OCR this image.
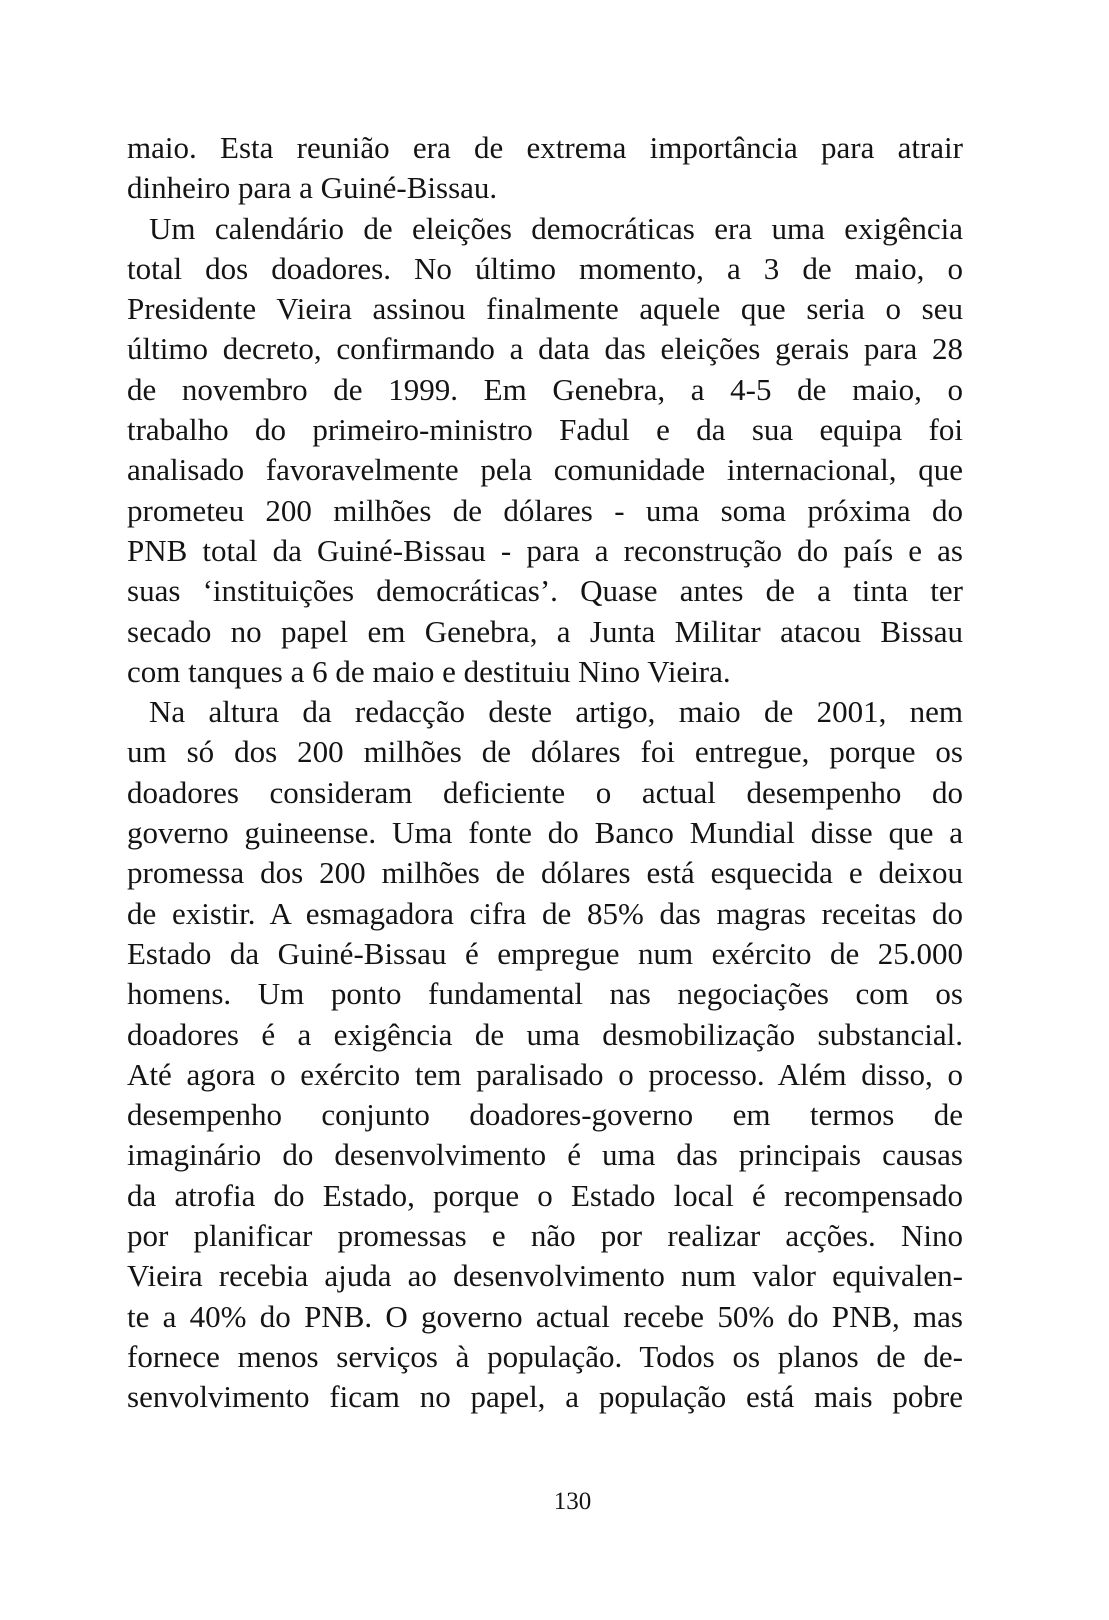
maio. Esta reunião era de extrema importância para atrair
dinheiro para a Guiné-Bissau.

Um calendário de eleições democráticas era uma exigência
total dos doadores. No último momento, a 3 de maio, o
Presidente Vieira assinou finalmente aquele que seria o seu
último decreto, confirmando a data das eleições gerais para 28
de novembro de 1999. Em Genebra, a 4-5 de maio, o
trabalho do primeiro-ministro Fadul e da sua equipa foi
analisado favoravelmente pela comunidade internacional, que
prometeu 200 milhões de dólares - uma soma próxima do
PNB total da Guiné-Bissau - para a reconstrução do país e as
suas ‘instituições democráticas’. Quase antes de a tinta ter
secado no papel em Genebra, a Junta Militar atacou Bissau
com tanques a 6 de maio e destituiu Nino Vieira.

Na altura da redacção deste artigo, maio de 2001, nem
um só dos 200 milhões de dólares foi entregue, porque os
doadores consideram deficiente o actual desempenho do
governo guineense. Uma fonte do Banco Mundial disse que a
promessa dos 200 milhões de dólares está esquecida e deixou
de existir. A esmagadora cifra de 85% das magras receitas do
Estado da Guiné-Bissau é empregue num exército de 25.000
homens. Um ponto fundamental nas negociações com os
doadores é a exigência de uma desmobilização substancial.
Até agora o exército tem paralisado o processo. Além disso, o
desempenho conjunto doadores-governo em termos de
imaginário do desenvolvimento é uma das principais causas
da atrofia do Estado, porque o Estado local é recompensado
por planificar promessas e não por realizar acções. Nino
Vieira recebia ajuda ao desenvolvimento num valor equivalen-
te a 40% do PNB. O governo actual recebe 50% do PNB, mas
fornece menos serviços à população. Todos os planos de de-
senvolvimento ficam no papel, a população está mais pobre

130
